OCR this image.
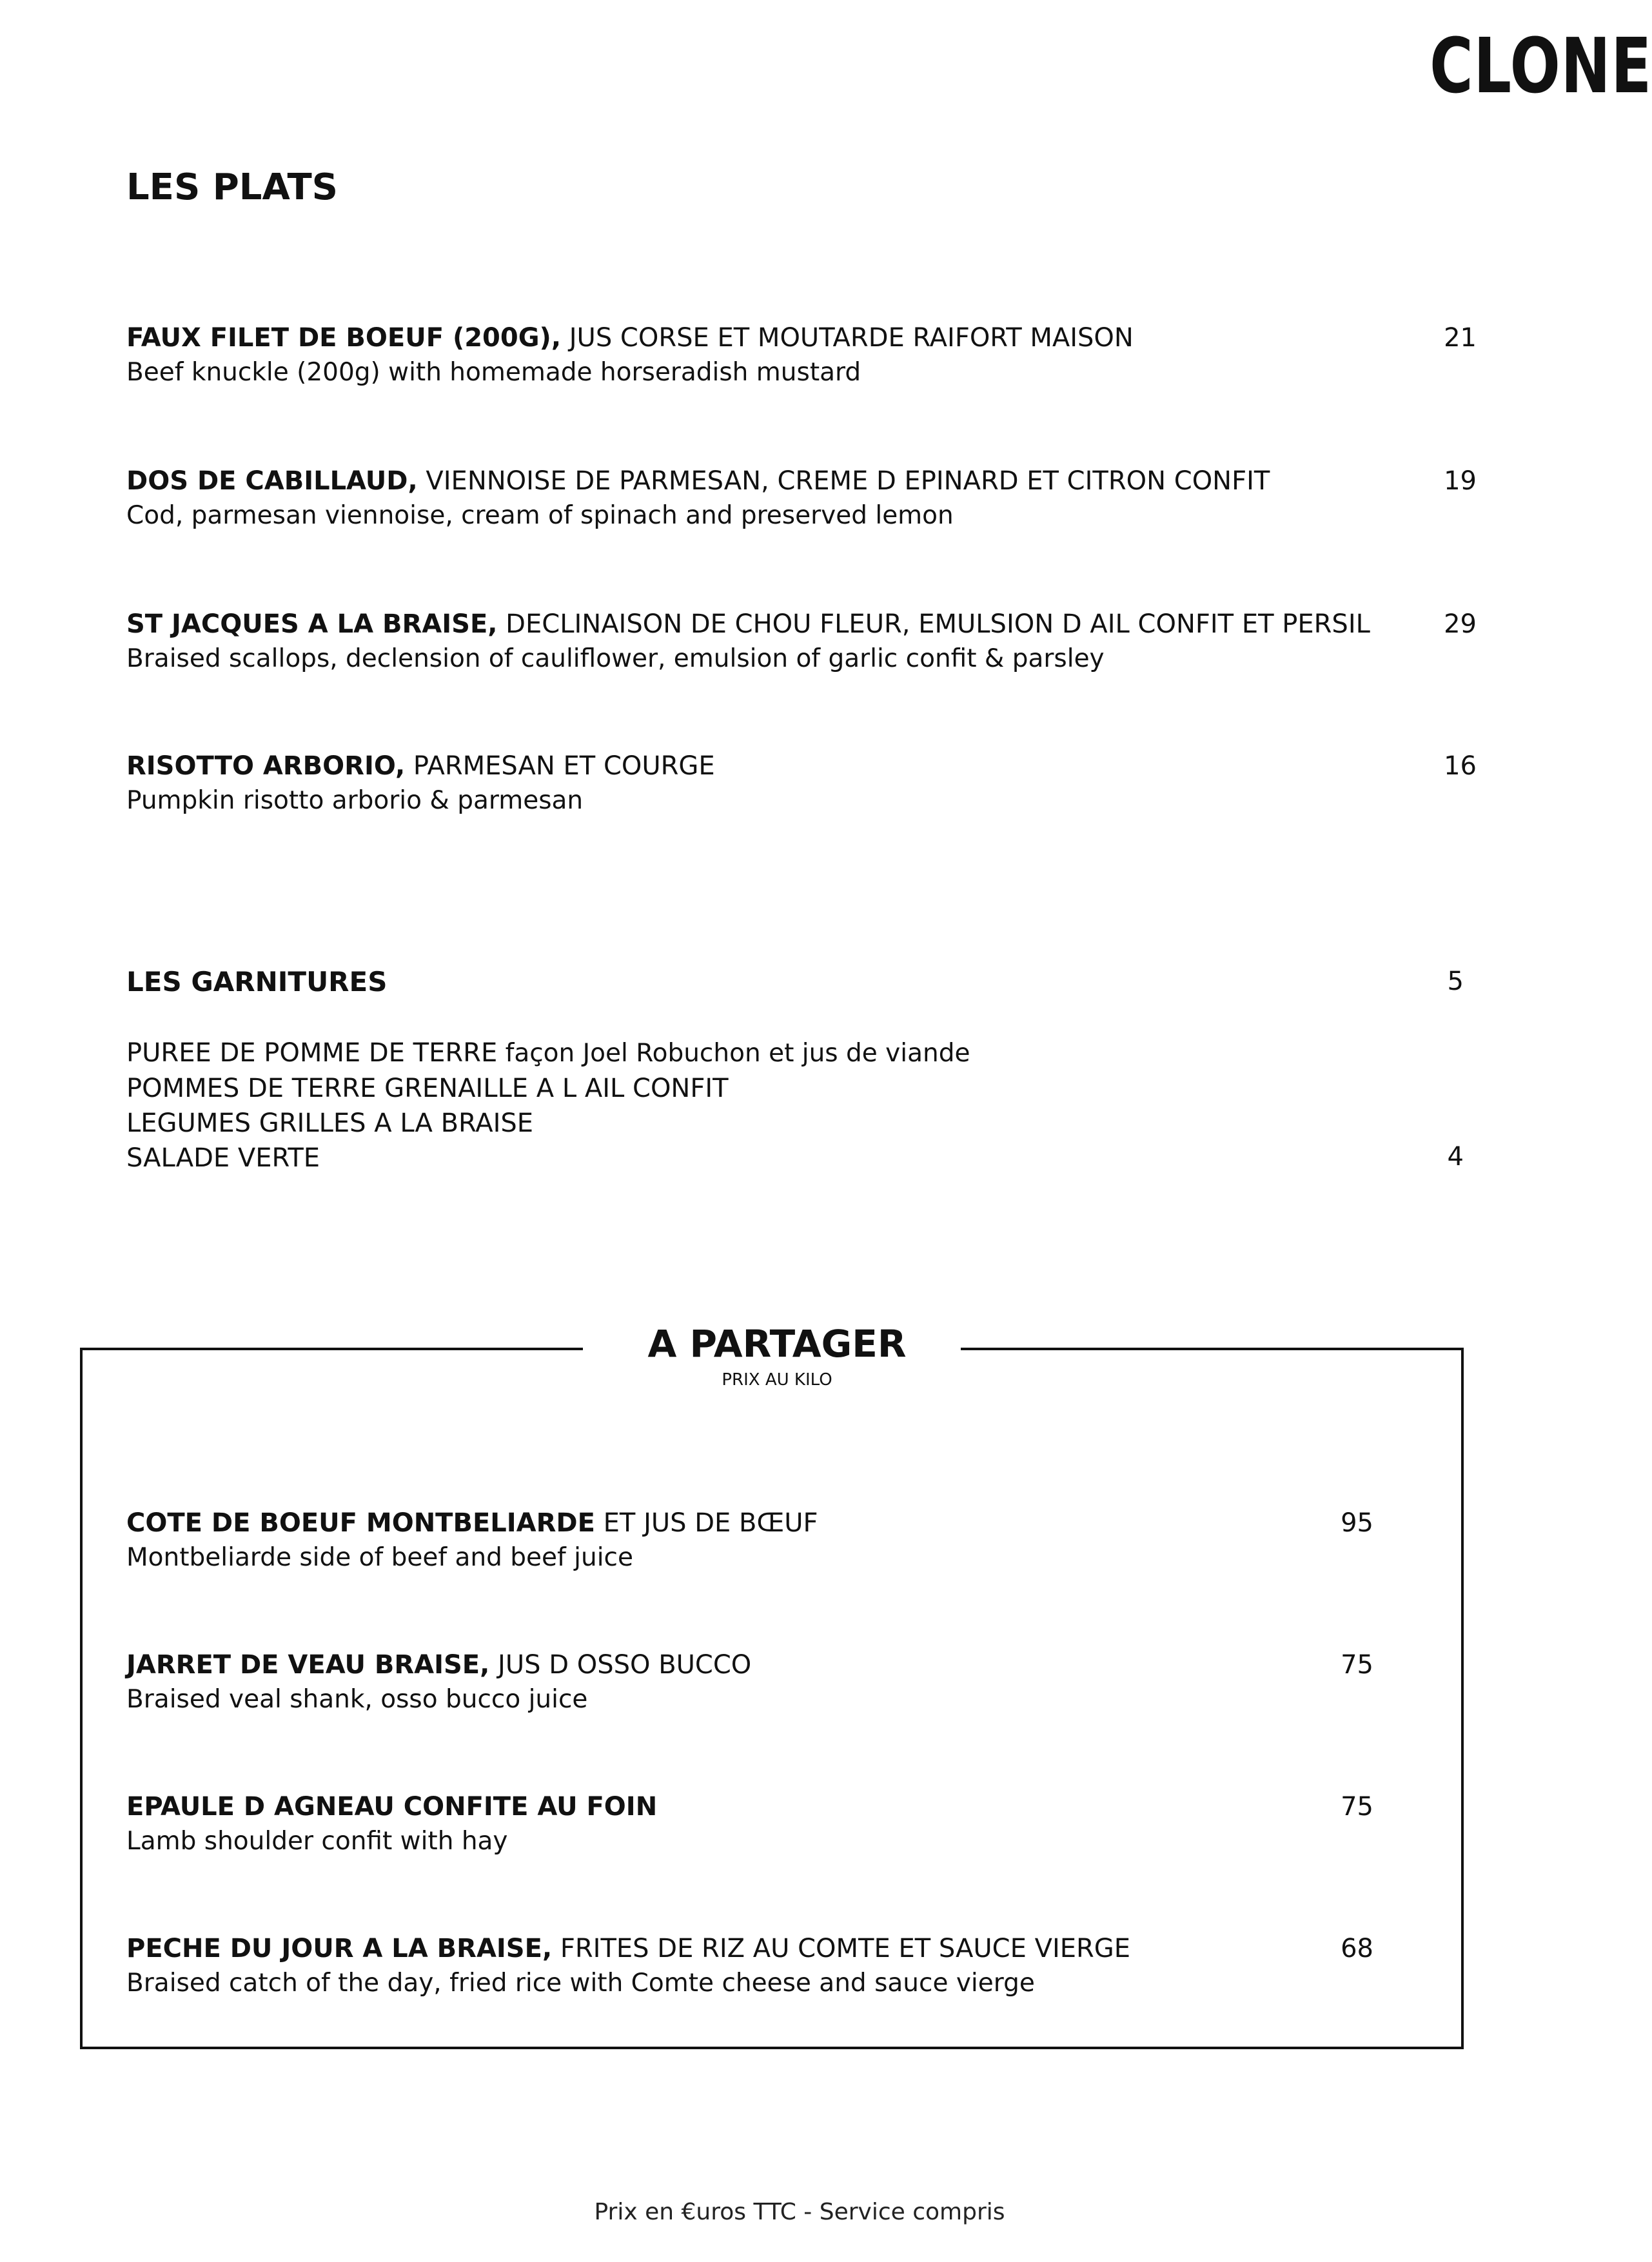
CLONE
LES PLATS
FAUX FILET DE BOEUF (200G), JUS CORSE ET MOUTARDE RAIFORT MAISON
Beef knuckle (200g) with homemade horseradish mustard
21
DOS DE CABILLAUD, VIENNOISE DE PARMESAN, CREME D EPINARD ET CITRON CONFIT
Cod, parmesan viennoise, cream of spinach and preserved lemon
19
ST JACQUES A LA BRAISE, DECLINAISON DE CHOU FLEUR, EMULSION D AIL CONFIT ET PERSIL
Braised scallops, declension of cauliflower, emulsion of garlic confit & parsley
29
RISOTTO ARBORIO, PARMESAN ET COURGE
Pumpkin risotto arborio & parmesan
16
LES GARNITURES	5
PUREE DE POMME DE TERRE façon Joel Robuchon et jus de viande
POMMES DE TERRE GRENAILLE A L AIL CONFIT
LEGUMES GRILLES A LA BRAISE
SALADE VERTE	4
A PARTAGER
PRIX AU KILO
COTE DE BOEUF MONTBELIARDE ET JUS DE BŒUF
Montbeliarde side of beef and beef juice
95
JARRET DE VEAU BRAISE, JUS D OSSO BUCCO
Braised veal shank, osso bucco juice
75
EPAULE D AGNEAU CONFITE AU FOIN
Lamb shoulder confit with hay
75
PECHE DU JOUR A LA BRAISE, FRITES DE RIZ AU COMTE ET SAUCE VIERGE
Braised catch of the day, fried rice with Comte cheese and sauce vierge
68
Prix en €uros TTC - Service compris
